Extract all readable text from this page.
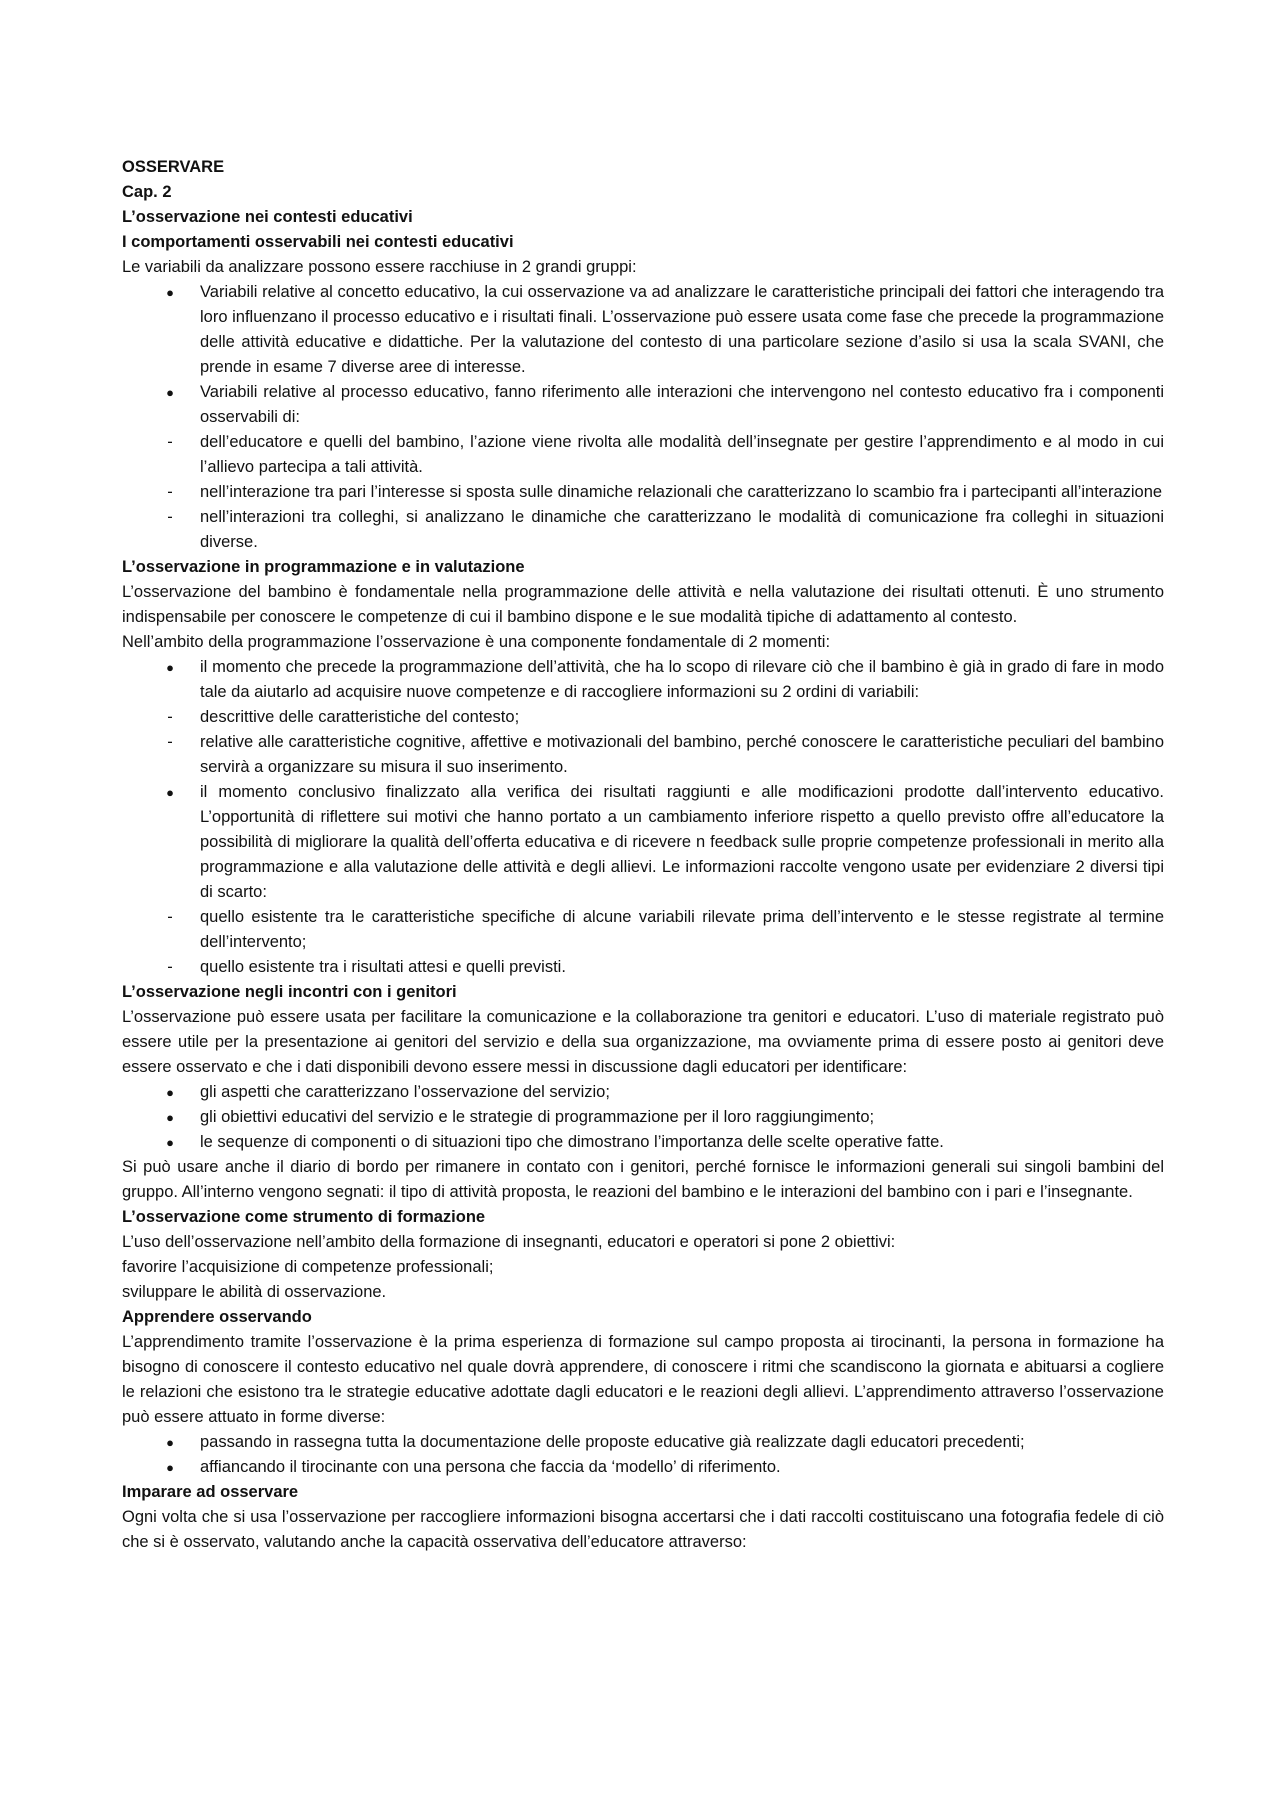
OSSERVARE
Cap. 2
L’osservazione nei contesti educativi
I comportamenti osservabili nei contesti educativi
Le variabili da analizzare possono essere racchiuse in 2 grandi gruppi:
● Variabili relative al concetto educativo, la cui osservazione va ad analizzare le caratteristiche principali dei fattori che interagendo tra loro influenzano il processo educativo e i risultati finali. L’osservazione può essere usata come fase che precede la programmazione delle attività educative e didattiche. Per la valutazione del contesto di una particolare sezione d’asilo si usa la scala SVANI, che prende in esame 7 diverse aree di interesse.
● Variabili relative al processo educativo, fanno riferimento alle interazioni che intervengono nel contesto educativo fra i componenti osservabili di:
- dell’educatore e quelli del bambino, l’azione viene rivolta alle modalità dell’insegnate per gestire l’apprendimento e al modo in cui l’allievo partecipa a tali attività.
- nell’interazione tra pari l’interesse si sposta sulle dinamiche relazionali che caratterizzano lo scambio fra i partecipanti all’interazione
- nell’interazioni tra colleghi, si analizzano le dinamiche che caratterizzano le modalità di comunicazione fra colleghi in situazioni diverse.
L’osservazione in programmazione e in valutazione
L’osservazione del bambino è fondamentale nella programmazione delle attività e nella valutazione dei risultati ottenuti. È uno strumento indispensabile per conoscere le competenze di cui il bambino dispone e le sue modalità tipiche di adattamento al contesto.
Nell’ambito della programmazione l’osservazione è una componente fondamentale di 2 momenti:
● il momento che precede la programmazione dell’attività, che ha lo scopo di rilevare ciò che il bambino è già in grado di fare in modo tale da aiutarlo ad acquisire nuove competenze e di raccogliere informazioni su 2 ordini di variabili:
- descrittive delle caratteristiche del contesto;
- relative alle caratteristiche cognitive, affettive e motivazionali del bambino, perché conoscere le caratteristiche peculiari del bambino servirà a organizzare su misura il suo inserimento.
● il momento conclusivo finalizzato alla verifica dei risultati raggiunti e alle modificazioni prodotte dall’intervento educativo. L’opportunità di riflettere sui motivi che hanno portato a un cambiamento inferiore rispetto a quello previsto offre all’educatore la possibilità di migliorare la qualità dell’offerta educativa e di ricevere n feedback sulle proprie competenze professionali in merito alla programmazione e alla valutazione delle attività e degli allievi. Le informazioni raccolte vengono usate per evidenziare 2 diversi tipi di scarto:
- quello esistente tra le caratteristiche specifiche di alcune variabili rilevate prima dell’intervento e le stesse registrate al termine dell’intervento;
- quello esistente tra i risultati attesi e quelli previsti.
L’osservazione negli incontri con i genitori
L’osservazione può essere usata per facilitare la comunicazione e la collaborazione tra genitori e educatori. L’uso di materiale registrato può essere utile per la presentazione ai genitori del servizio e della sua organizzazione, ma ovviamente prima di essere posto ai genitori deve essere osservato e che i dati disponibili devono essere messi in discussione dagli educatori per identificare:
● gli aspetti che caratterizzano l’osservazione del servizio;
● gli obiettivi educativi del servizio e le strategie di programmazione per il loro raggiungimento;
● le sequenze di componenti o di situazioni tipo che dimostrano l’importanza delle scelte operative fatte.
Si può usare anche il diario di bordo per rimanere in contato con i genitori, perché fornisce le informazioni generali sui singoli bambini del gruppo. All’interno vengono segnati: il tipo di attività proposta, le reazioni del bambino e le interazioni del bambino con i pari e l’insegnante.
L’osservazione come strumento di formazione
L’uso dell’osservazione nell’ambito della formazione di insegnanti, educatori e operatori si pone 2 obiettivi:
favorire l’acquisizione di competenze professionali;
sviluppare le abilità di osservazione.
Apprendere osservando
L’apprendimento tramite l’osservazione è la prima esperienza di formazione sul campo proposta ai tirocinanti, la persona in formazione ha bisogno di conoscere il contesto educativo nel quale dovrà apprendere, di conoscere i ritmi che scandiscono la giornata e abituarsi a cogliere le relazioni che esistono tra le strategie educative adottate dagli educatori e le reazioni degli allievi. L’apprendimento attraverso l’osservazione può essere attuato in forme diverse:
● passando in rassegna tutta la documentazione delle proposte educative già realizzate dagli educatori precedenti;
● affiancando il tirocinante con una persona che faccia da ‘modello’ di riferimento.
Imparare ad osservare
Ogni volta che si usa l’osservazione per raccogliere informazioni bisogna accertarsi che i dati raccolti costituiscano una fotografia fedele di ciò che si è osservato, valutando anche la capacità osservativa dell’educatore attraverso:
